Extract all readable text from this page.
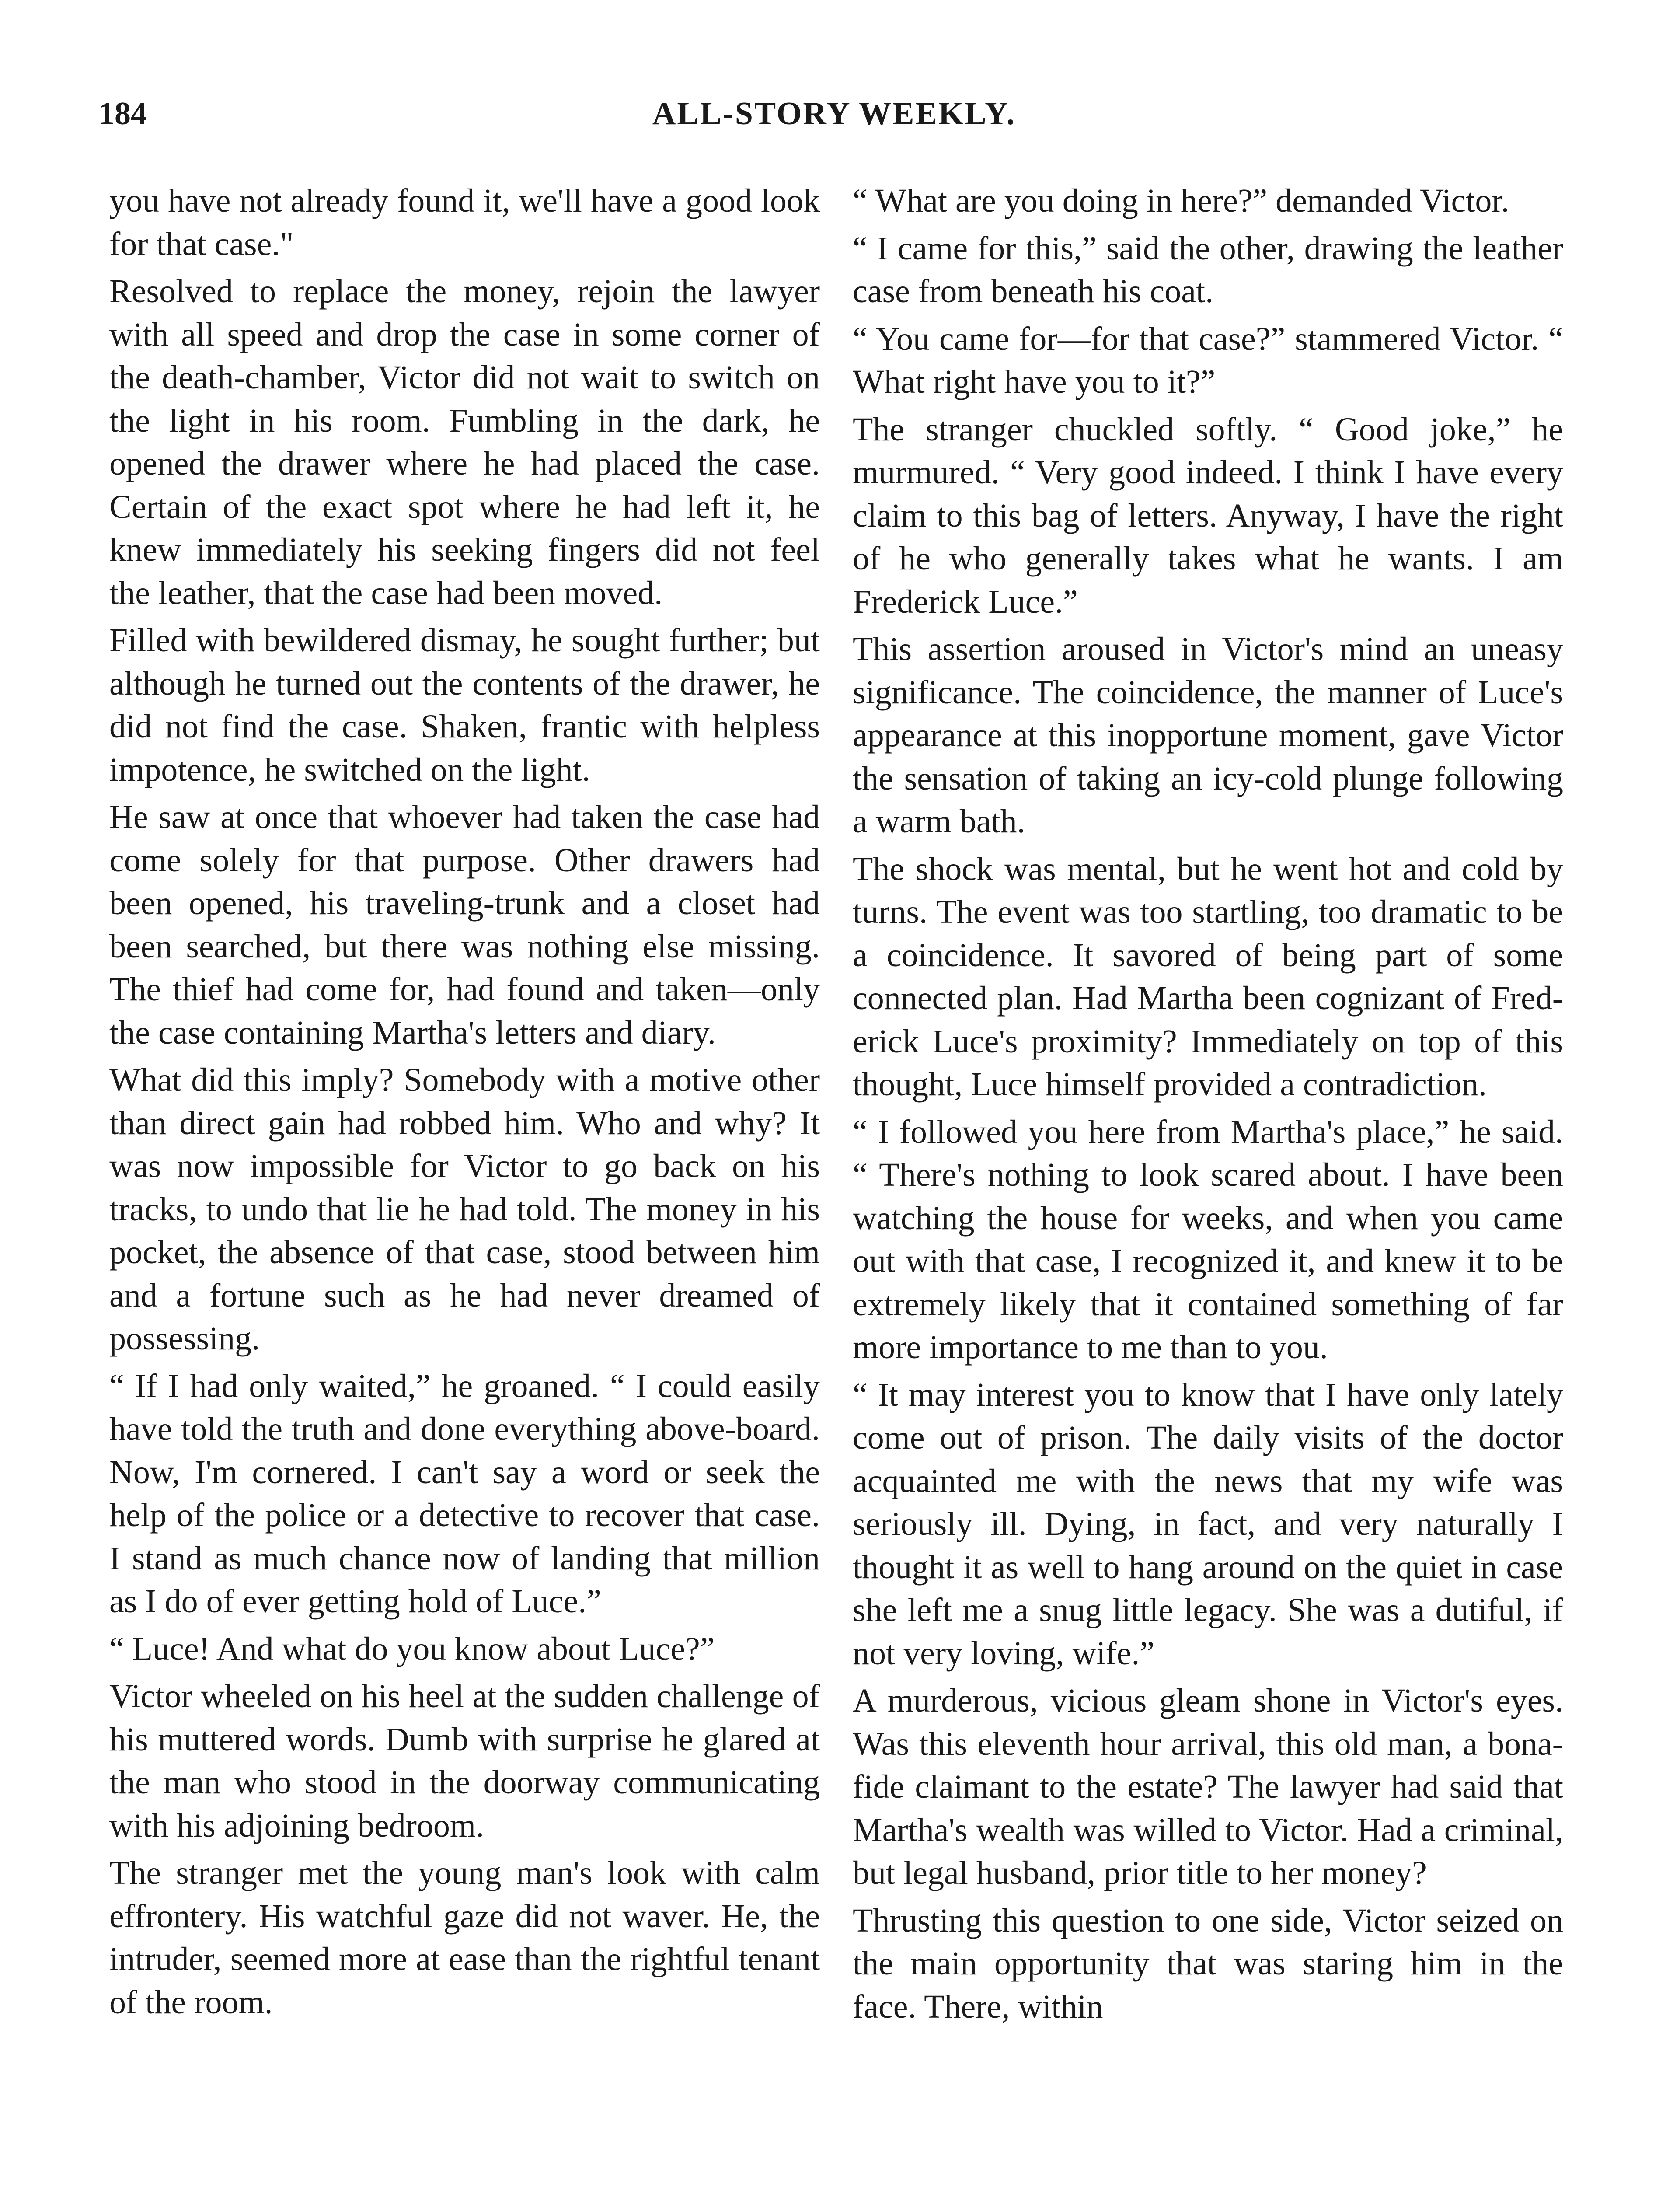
184	ALL-STORY WEEKLY.

you have not already found it, we'll have a good look for that case."

Resolved to replace the money, rejoin the lawyer with all speed and drop the case in some corner of the death-chamber, Victor did not wait to switch on the light in his room. Fumbling in the dark, he opened the drawer where he had placed the case. Certain of the exact spot where he had left it, he knew immediately his seeking fingers did not feel the leather, that the case had been moved.

Filled with bewildered dismay, he sought further; but although he turned out the contents of the drawer, he did not find the case. Shaken, frantic with helpless impotence, he switched on the light.

He saw at once that whoever had taken the case had come solely for that purpose. Other drawers had been opened, his traveling-trunk and a closet had been searched, but there was nothing else missing. The thief had come for, had found and taken—only the case containing Martha's letters and diary.

What did this imply? Somebody with a motive other than direct gain had robbed him. Who and why? It was now impossible for Victor to go back on his tracks, to undo that lie he had told. The money in his pocket, the absence of that case, stood between him and a fortune such as he had never dreamed of possessing.

“ If I had only waited,” he groaned. “ I could easily have told the truth and done everything above-board. Now, I'm cornered. I can't say a word or seek the help of the police or a detective to recover that case. I stand as much chance now of landing that million as I do of ever getting hold of Luce.”

“ Luce! And what do you know about Luce?”

Victor wheeled on his heel at the sudden challenge of his muttered words. Dumb with surprise he glared at the man who stood in the doorway communicating with his adjoining bedroom.

The stranger met the young man's look with calm effrontery. His watchful gaze did not waver. He, the intruder, seemed more at ease than the rightful tenant of the room.

“ What are you doing in here?” demanded Victor.

“ I came for this,” said the other, drawing the leather case from beneath his coat.

“ You came for—for that case?” stammered Victor. “ What right have you to it?”

The stranger chuckled softly. “ Good joke,” he murmured. “ Very good indeed. I think I have every claim to this bag of letters. Anyway, I have the right of he who generally takes what he wants. I am Frederick Luce.”

This assertion aroused in Victor's mind an uneasy significance. The coincidence, the manner of Luce's appearance at this inopportune moment, gave Victor the sensation of taking an icy-cold plunge following a warm bath.

The shock was mental, but he went hot and cold by turns. The event was too startling, too dramatic to be a coincidence. It savored of being part of some connected plan. Had Martha been cognizant of Frederick Luce's proximity? Immediately on top of this thought, Luce himself provided a contradiction.

“ I followed you here from Martha's place,” he said. “ There's nothing to look scared about. I have been watching the house for weeks, and when you came out with that case, I recognized it, and knew it to be extremely likely that it contained something of far more importance to me than to you.

“ It may interest you to know that I have only lately come out of prison. The daily visits of the doctor acquainted me with the news that my wife was seriously ill. Dying, in fact, and very naturally I thought it as well to hang around on the quiet in case she left me a snug little legacy. She was a dutiful, if not very loving, wife.”

A murderous, vicious gleam shone in Victor's eyes. Was this eleventh hour arrival, this old man, a bona-fide claimant to the estate? The lawyer had said that Martha's wealth was willed to Victor. Had a criminal, but legal husband, prior title to her money?

Thrusting this question to one side, Victor seized on the main opportunity that was staring him in the face. There, within
